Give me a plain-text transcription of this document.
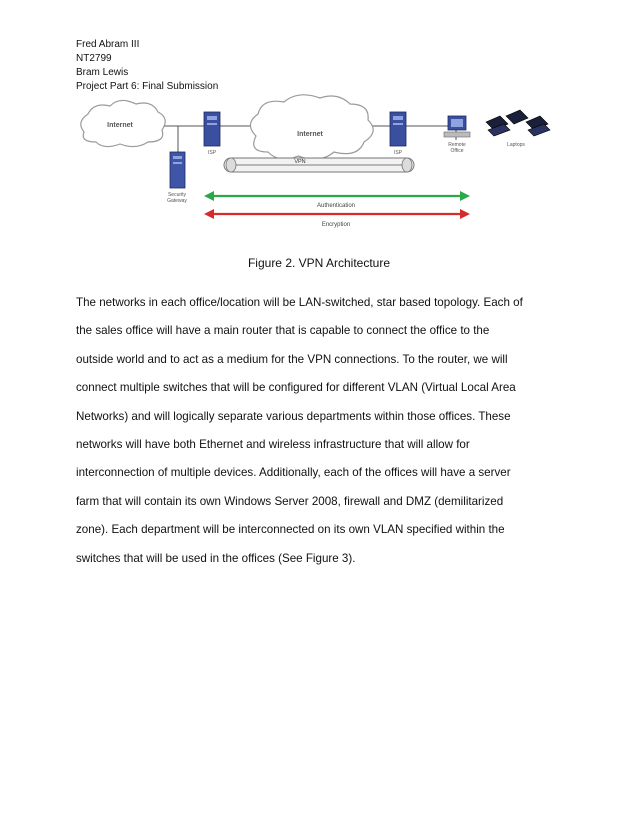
Fred Abram III
NT2799
Bram Lewis
Project Part 6: Final Submission
Internet
Internet
ISP	ISP
Security
Gateway
VPN
Remote
Office
Laptops
Authentication
Encryption
Figure 2. VPN Architecture
The networks in each office/location will be LAN-switched, star based topology. Each of
the sales office will have a main router that is capable to connect the office to the
outside world and to act as a medium for the VPN connections. To the router, we will
connect multiple switches that will be configured for different VLAN (Virtual Local Area
Networks) and will logically separate various departments within those offices. These
networks will have both Ethernet and wireless infrastructure that will allow for
interconnection of multiple devices. Additionally, each of the offices will have a server
farm that will contain its own Windows Server 2008, firewall and DMZ (demilitarized
zone). Each department will be interconnected on its own VLAN specified within the
switches that will be used in the offices (See Figure 3).
